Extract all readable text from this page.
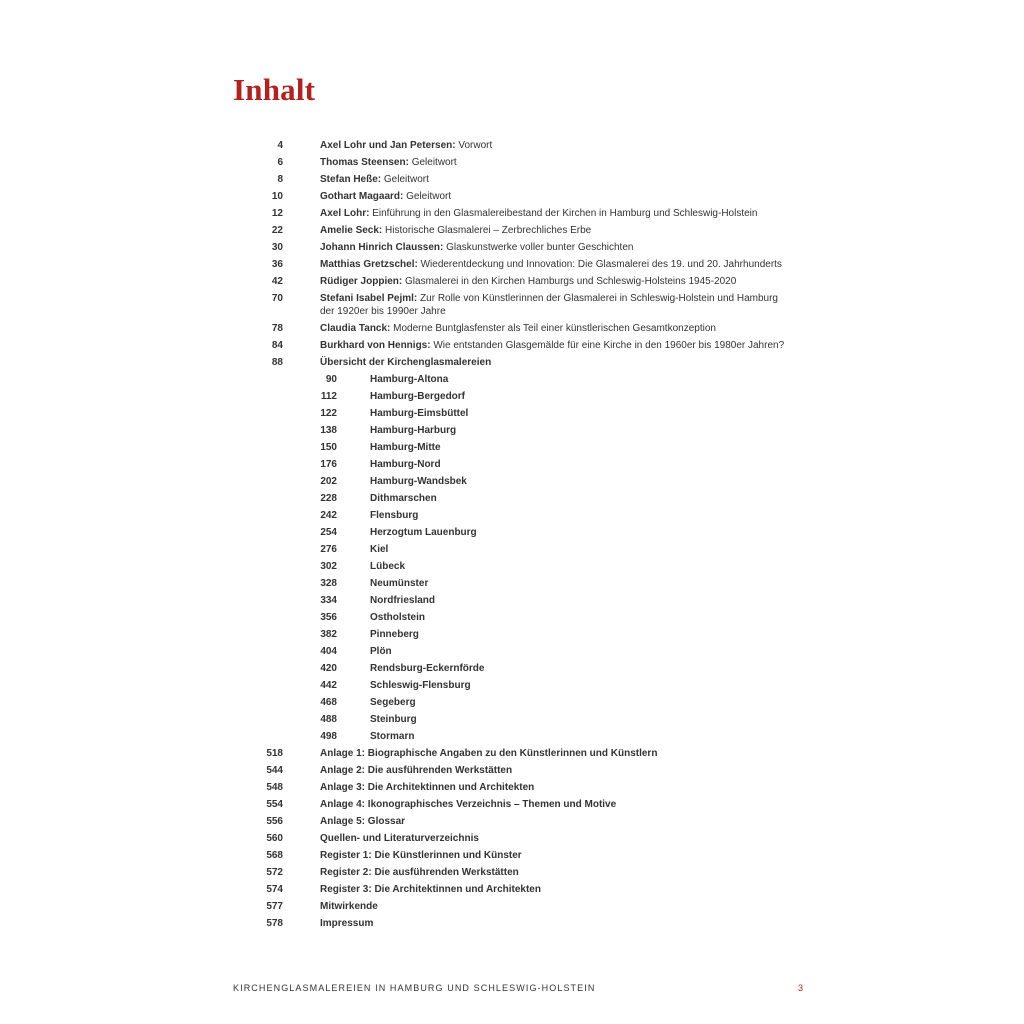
Inhalt
4	Axel Lohr und Jan Petersen: Vorwort
6	Thomas Steensen: Geleitwort
8	Stefan Heße: Geleitwort
10	Gothart Magaard: Geleitwort
12	Axel Lohr: Einführung in den Glasmalereibestand der Kirchen in Hamburg und Schleswig-Holstein
22	Amelie Seck: Historische Glasmalerei – Zerbrechliches Erbe
30	Johann Hinrich Claussen: Glaskunstwerke voller bunter Geschichten
36	Matthias Gretzschel: Wiederentdeckung und Innovation: Die Glasmalerei des 19. und 20. Jahrhunderts
42	Rüdiger Joppien: Glasmalerei in den Kirchen Hamburgs und Schleswig-Holsteins 1945-2020
70	Stefani Isabel Pejml: Zur Rolle von Künstlerinnen der Glasmalerei in Schleswig-Holstein und Hamburg der 1920er bis 1990er Jahre
78	Claudia Tanck: Moderne Buntglasfenster als Teil einer künstlerischen Gesamtkonzeption
84	Burkhard von Hennigs: Wie entstanden Glasgemälde für eine Kirche in den 1960er bis 1980er Jahren?
88	Übersicht der Kirchenglasmalereien
90	Hamburg-Altona
112	Hamburg-Bergedorf
122	Hamburg-Eimsbüttel
138	Hamburg-Harburg
150	Hamburg-Mitte
176	Hamburg-Nord
202	Hamburg-Wandsbek
228	Dithmarschen
242	Flensburg
254	Herzogtum Lauenburg
276	Kiel
302	Lübeck
328	Neumünster
334	Nordfriesland
356	Ostholstein
382	Pinneberg
404	Plön
420	Rendsburg-Eckernförde
442	Schleswig-Flensburg
468	Segeberg
488	Steinburg
498	Stormarn
518	Anlage 1: Biographische Angaben zu den Künstlerinnen und Künstlern
544	Anlage 2: Die ausführenden Werkstätten
548	Anlage 3: Die Architektinnen und Architekten
554	Anlage 4: Ikonographisches Verzeichnis – Themen und Motive
556	Anlage 5: Glossar
560	Quellen- und Literaturverzeichnis
568	Register 1: Die Künstlerinnen und Künster
572	Register 2: Die ausführenden Werkstätten
574	Register 3: Die Architektinnen und Architekten
577	Mitwirkende
578	Impressum
KIRCHENGLASMALEREIEN IN HAMBURG UND SCHLESWIG-HOLSTEIN	3
